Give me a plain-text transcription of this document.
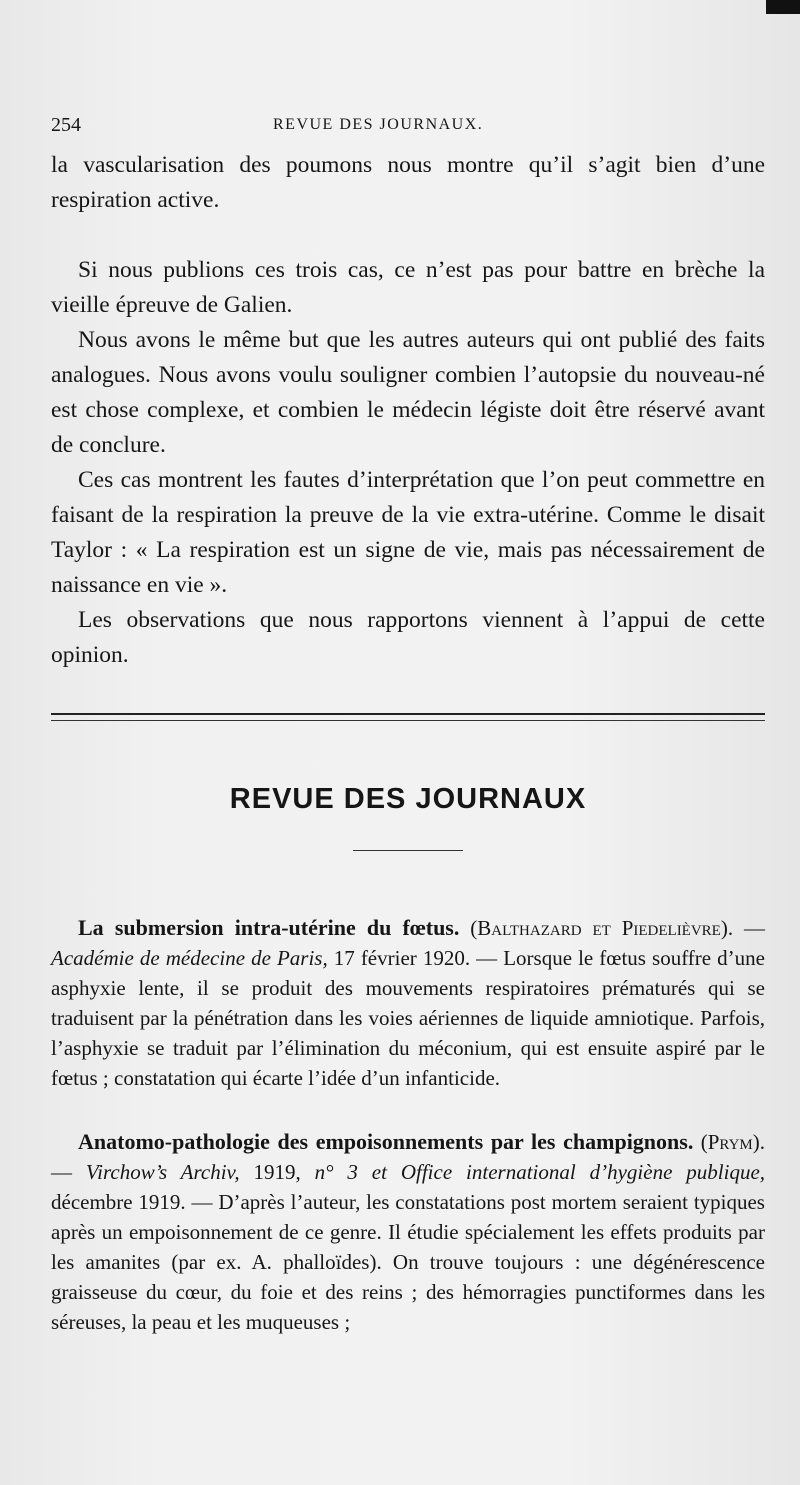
254	REVUE DES JOURNAUX.

la vascularisation des poumons nous montre qu’il s’agit bien d’une respiration active.

Si nous publions ces trois cas, ce n’est pas pour battre en brèche la vieille épreuve de Galien.

Nous avons le même but que les autres auteurs qui ont publié des faits analogues. Nous avons voulu souligner combien l’autopsie du nouveau-né est chose complexe, et combien le médecin légiste doit être réservé avant de conclure.

Ces cas montrent les fautes d’interprétation que l’on peut commettre en faisant de la respiration la preuve de la vie extra-utérine. Comme le disait Taylor : « La respiration est un signe de vie, mais pas nécessairement de naissance en vie ».

Les observations que nous rapportons viennent à l’appui de cette opinion.

REVUE DES JOURNAUX

La submersion intra-utérine du fœtus. (Balthazard et Piedelièvre). — Académie de médecine de Paris, 17 février 1920. — Lorsque le fœtus souffre d’une asphyxie lente, il se produit des mouvements respiratoires prématurés qui se traduisent par la pénétration dans les voies aériennes de liquide amniotique. Parfois, l’asphyxie se traduit par l’élimination du méconium, qui est ensuite aspiré par le fœtus ; constatation qui écarte l’idée d’un infanticide.

Anatomo-pathologie des empoisonnements par les champignons. (Prym). — Virchow’s Archiv, 1919, n° 3 et Office international d’hygiène publique, décembre 1919. — D’après l’auteur, les constatations post mortem seraient typiques après un empoisonnement de ce genre. Il étudie spécialement les effets produits par les amanites (par ex. A. phalloïdes). On trouve toujours : une dégénérescence graisseuse du cœur, du foie et des reins ; des hémorragies punctiformes dans les séreuses, la peau et les muqueuses ;
